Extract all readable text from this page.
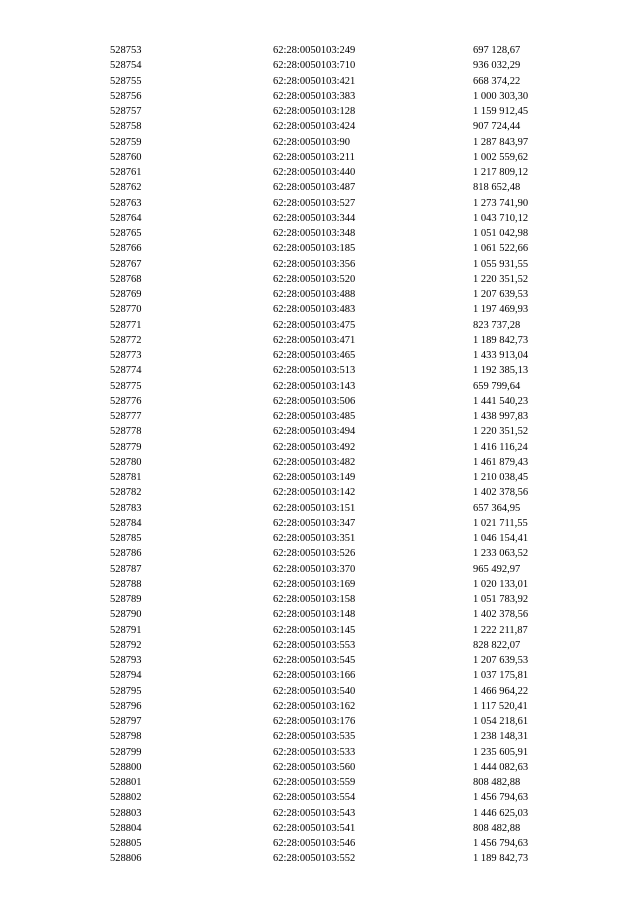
528753	62:28:0050103:249	697 128,67
528754	62:28:0050103:710	936 032,29
528755	62:28:0050103:421	668 374,22
528756	62:28:0050103:383	1 000 303,30
528757	62:28:0050103:128	1 159 912,45
528758	62:28:0050103:424	907 724,44
528759	62:28:0050103:90	1 287 843,97
528760	62:28:0050103:211	1 002 559,62
528761	62:28:0050103:440	1 217 809,12
528762	62:28:0050103:487	818 652,48
528763	62:28:0050103:527	1 273 741,90
528764	62:28:0050103:344	1 043 710,12
528765	62:28:0050103:348	1 051 042,98
528766	62:28:0050103:185	1 061 522,66
528767	62:28:0050103:356	1 055 931,55
528768	62:28:0050103:520	1 220 351,52
528769	62:28:0050103:488	1 207 639,53
528770	62:28:0050103:483	1 197 469,93
528771	62:28:0050103:475	823 737,28
528772	62:28:0050103:471	1 189 842,73
528773	62:28:0050103:465	1 433 913,04
528774	62:28:0050103:513	1 192 385,13
528775	62:28:0050103:143	659 799,64
528776	62:28:0050103:506	1 441 540,23
528777	62:28:0050103:485	1 438 997,83
528778	62:28:0050103:494	1 220 351,52
528779	62:28:0050103:492	1 416 116,24
528780	62:28:0050103:482	1 461 879,43
528781	62:28:0050103:149	1 210 038,45
528782	62:28:0050103:142	1 402 378,56
528783	62:28:0050103:151	657 364,95
528784	62:28:0050103:347	1 021 711,55
528785	62:28:0050103:351	1 046 154,41
528786	62:28:0050103:526	1 233 063,52
528787	62:28:0050103:370	965 492,97
528788	62:28:0050103:169	1 020 133,01
528789	62:28:0050103:158	1 051 783,92
528790	62:28:0050103:148	1 402 378,56
528791	62:28:0050103:145	1 222 211,87
528792	62:28:0050103:553	828 822,07
528793	62:28:0050103:545	1 207 639,53
528794	62:28:0050103:166	1 037 175,81
528795	62:28:0050103:540	1 466 964,22
528796	62:28:0050103:162	1 117 520,41
528797	62:28:0050103:176	1 054 218,61
528798	62:28:0050103:535	1 238 148,31
528799	62:28:0050103:533	1 235 605,91
528800	62:28:0050103:560	1 444 082,63
528801	62:28:0050103:559	808 482,88
528802	62:28:0050103:554	1 456 794,63
528803	62:28:0050103:543	1 446 625,03
528804	62:28:0050103:541	808 482,88
528805	62:28:0050103:546	1 456 794,63
528806	62:28:0050103:552	1 189 842,73
